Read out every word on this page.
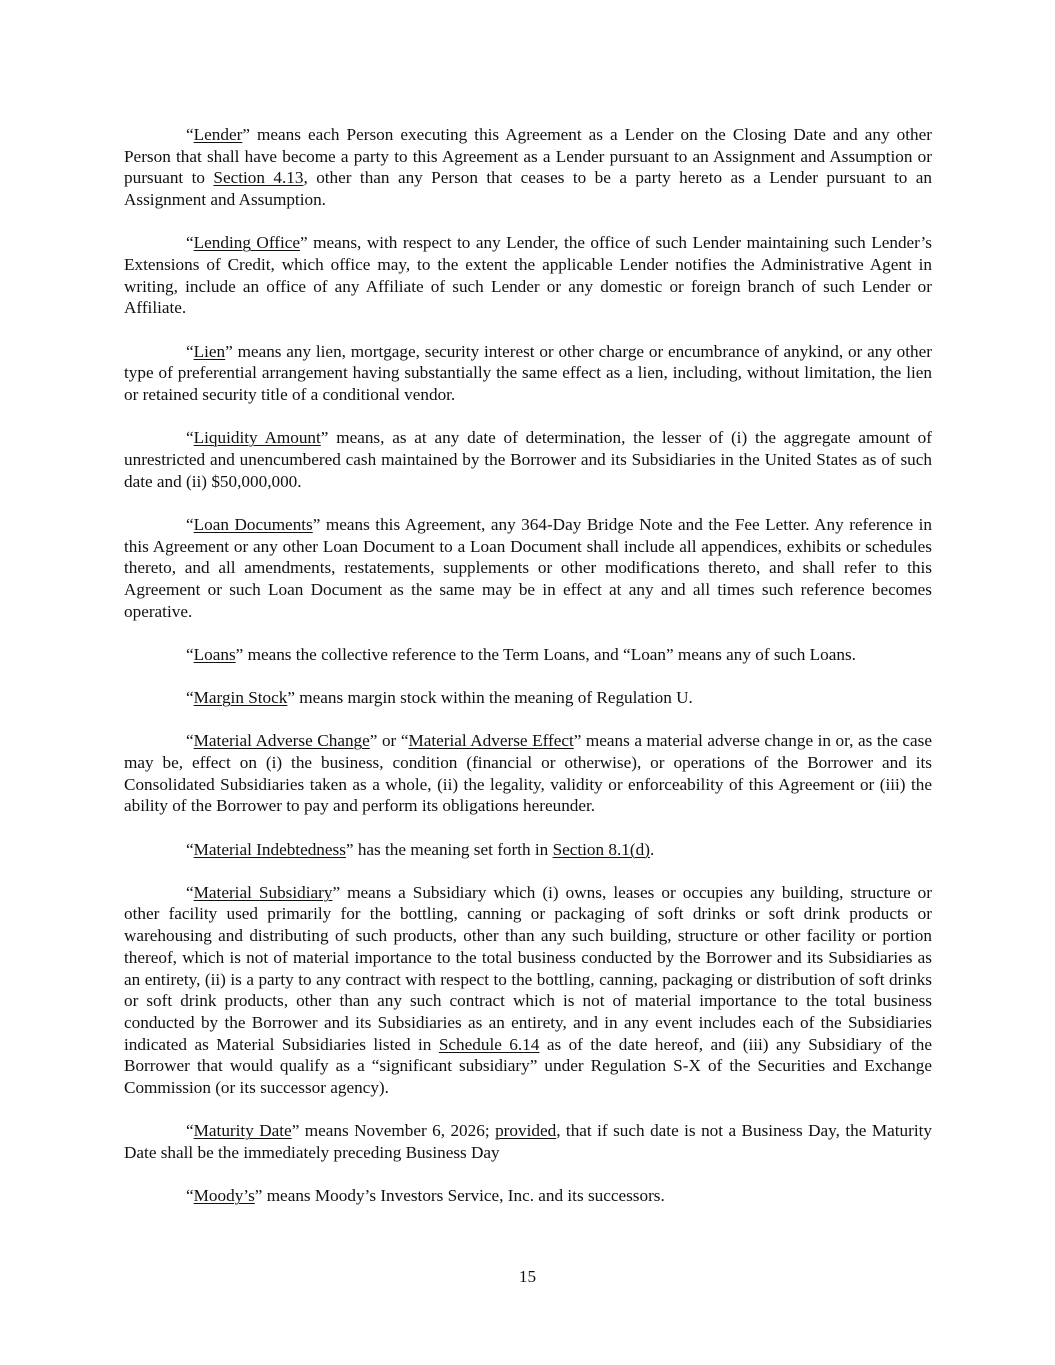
“Lender” means each Person executing this Agreement as a Lender on the Closing Date and any other Person that shall have become a party to this Agreement as a Lender pursuant to an Assignment and Assumption or pursuant to Section 4.13, other than any Person that ceases to be a party hereto as a Lender pursuant to an Assignment and Assumption.

“Lending Office” means, with respect to any Lender, the office of such Lender maintaining such Lender’s Extensions of Credit, which office may, to the extent the applicable Lender notifies the Administrative Agent in writing, include an office of any Affiliate of such Lender or any domestic or foreign branch of such Lender or Affiliate.

“Lien” means any lien, mortgage, security interest or other charge or encumbrance of anykind, or any other type of preferential arrangement having substantially the same effect as a lien, including, without limitation, the lien or retained security title of a conditional vendor.

“Liquidity Amount” means, as at any date of determination, the lesser of (i) the aggregate amount of unrestricted and unencumbered cash maintained by the Borrower and its Subsidiaries in the United States as of such date and (ii) $50,000,000.

“Loan Documents” means this Agreement, any 364-Day Bridge Note and the Fee Letter. Any reference in this Agreement or any other Loan Document to a Loan Document shall include all appendices, exhibits or schedules thereto, and all amendments, restatements, supplements or other modifications thereto, and shall refer to this Agreement or such Loan Document as the same may be in effect at any and all times such reference becomes operative.

“Loans” means the collective reference to the Term Loans, and “Loan” means any of such Loans.

“Margin Stock” means margin stock within the meaning of Regulation U.

“Material Adverse Change” or “Material Adverse Effect” means a material adverse change in or, as the case may be, effect on (i) the business, condition (financial or otherwise), or operations of the Borrower and its Consolidated Subsidiaries taken as a whole, (ii) the legality, validity or enforceability of this Agreement or (iii) the ability of the Borrower to pay and perform its obligations hereunder.

“Material Indebtedness” has the meaning set forth in Section 8.1(d).

“Material Subsidiary” means a Subsidiary which (i) owns, leases or occupies any building, structure or other facility used primarily for the bottling, canning or packaging of soft drinks or soft drink products or warehousing and distributing of such products, other than any such building, structure or other facility or portion thereof, which is not of material importance to the total business conducted by the Borrower and its Subsidiaries as an entirety, (ii) is a party to any contract with respect to the bottling, canning, packaging or distribution of soft drinks or soft drink products, other than any such contract which is not of material importance to the total business conducted by the Borrower and its Subsidiaries as an entirety, and in any event includes each of the Subsidiaries indicated as Material Subsidiaries listed in Schedule 6.14 as of the date hereof, and (iii) any Subsidiary of the Borrower that would qualify as a “significant subsidiary” under Regulation S-X of the Securities and Exchange Commission (or its successor agency).

“Maturity Date” means November 6, 2026; provided, that if such date is not a Business Day, the Maturity Date shall be the immediately preceding Business Day

“Moody’s” means Moody’s Investors Service, Inc. and its successors.

15
